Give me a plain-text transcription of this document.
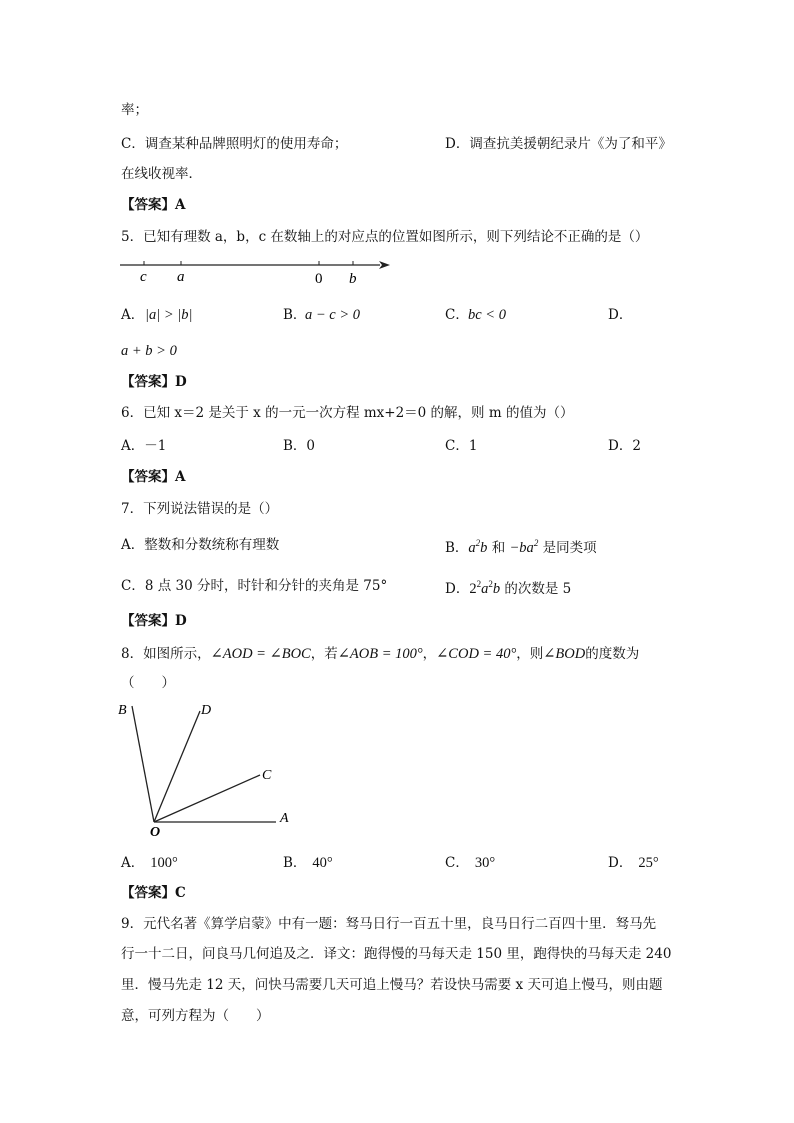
率；
C．调查某种品牌照明灯的使用寿命；	D．调查抗美援朝纪录片《为了和平》
在线收视率．
【答案】A
5．已知有理数 a，b，c 在数轴上的对应点的位置如图所示，则下列结论不正确的是（）
c a	0 b
A． |a| > |b|	B．
a − c > 0	C． bc < 0	D．
a + b > 0
【答案】D
6．已知 x＝2 是关于 x 的一元一次方程 mx+2＝0 的解，则 m 的值为（）
A．－1	B．0	C．1	D．2
【答案】A
7．下列说法错误的是（）
A．整数和分数统称有理数	B．$a^2b$ 和 $-ba^2$ 是同类项
C．8 点 30 分时，时针和分针的夹角是 75°	D．$2^2a^2b$ 的次数是 5
【答案】D
8．如图所示，∠AOD = ∠BOC，若∠AOB = 100°，∠COD = 40°，则∠BOD的度数为
（　　）
B	D
C
A
O
A． 100°	B． 40°	C． 30°	D． 25°
【答案】C
9．元代名著《算学启蒙》中有一题：驽马日行一百五十里，良马日行二百四十里．驽马先
行一十二日，问良马几何追及之．译文：跑得慢的马每天走 150 里，跑得快的马每天走 240
里．慢马先走 12 天，问快马需要几天可追上慢马？若设快马需要 x 天可追上慢马，则由题
意，可列方程为（　　）
